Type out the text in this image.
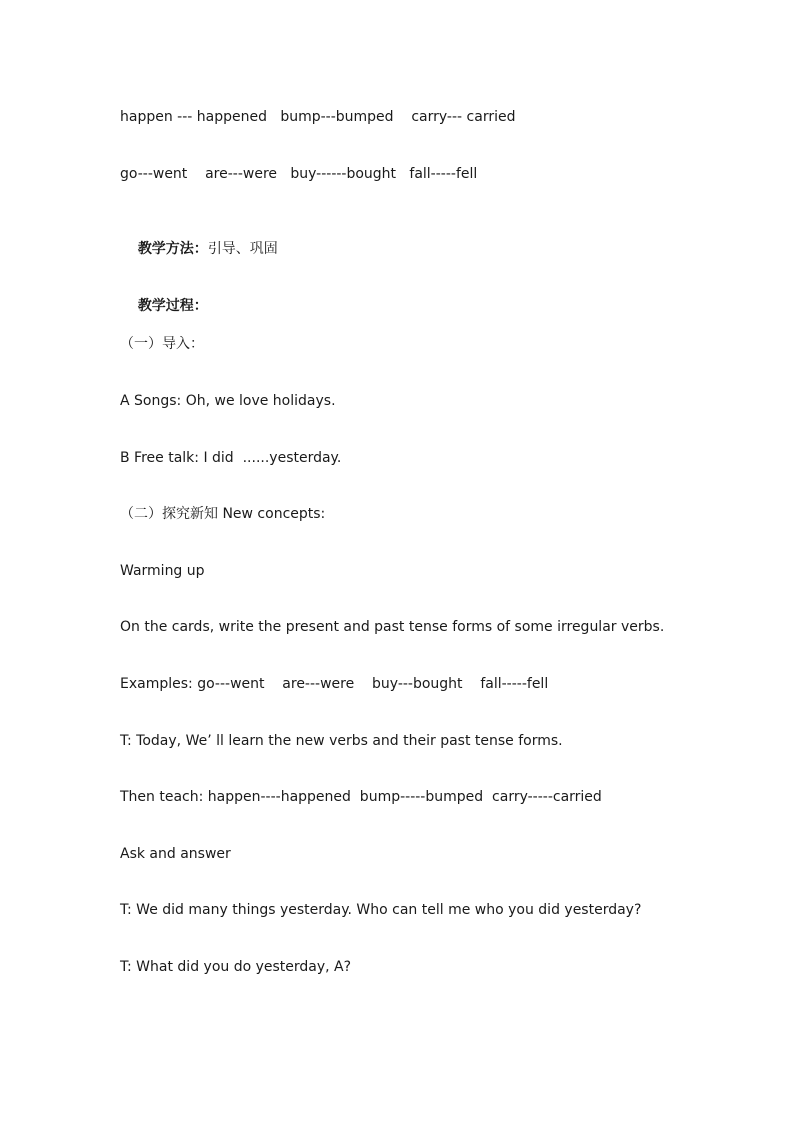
happen --- happened   bump---bumped    carry--- carried
go---went    are---were   buy------bought   fall-----fell

教学方法：引导、巩固

教学过程：

（一）导入：
A Songs: Oh, we love holidays.
B Free talk: I did  ......yesterday.
（二）探究新知 New concepts:
Warming up
On the cards, write the present and past tense forms of some irregular verbs.
Examples: go---went    are---were    buy---bought    fall-----fell
T: Today, We’ ll learn the new verbs and their past tense forms.
Then teach: happen----happened  bump-----bumped  carry-----carried
Ask and answer
T: We did many things yesterday. Who can tell me who you did yesterday?
T: What did you do yesterday, A?
